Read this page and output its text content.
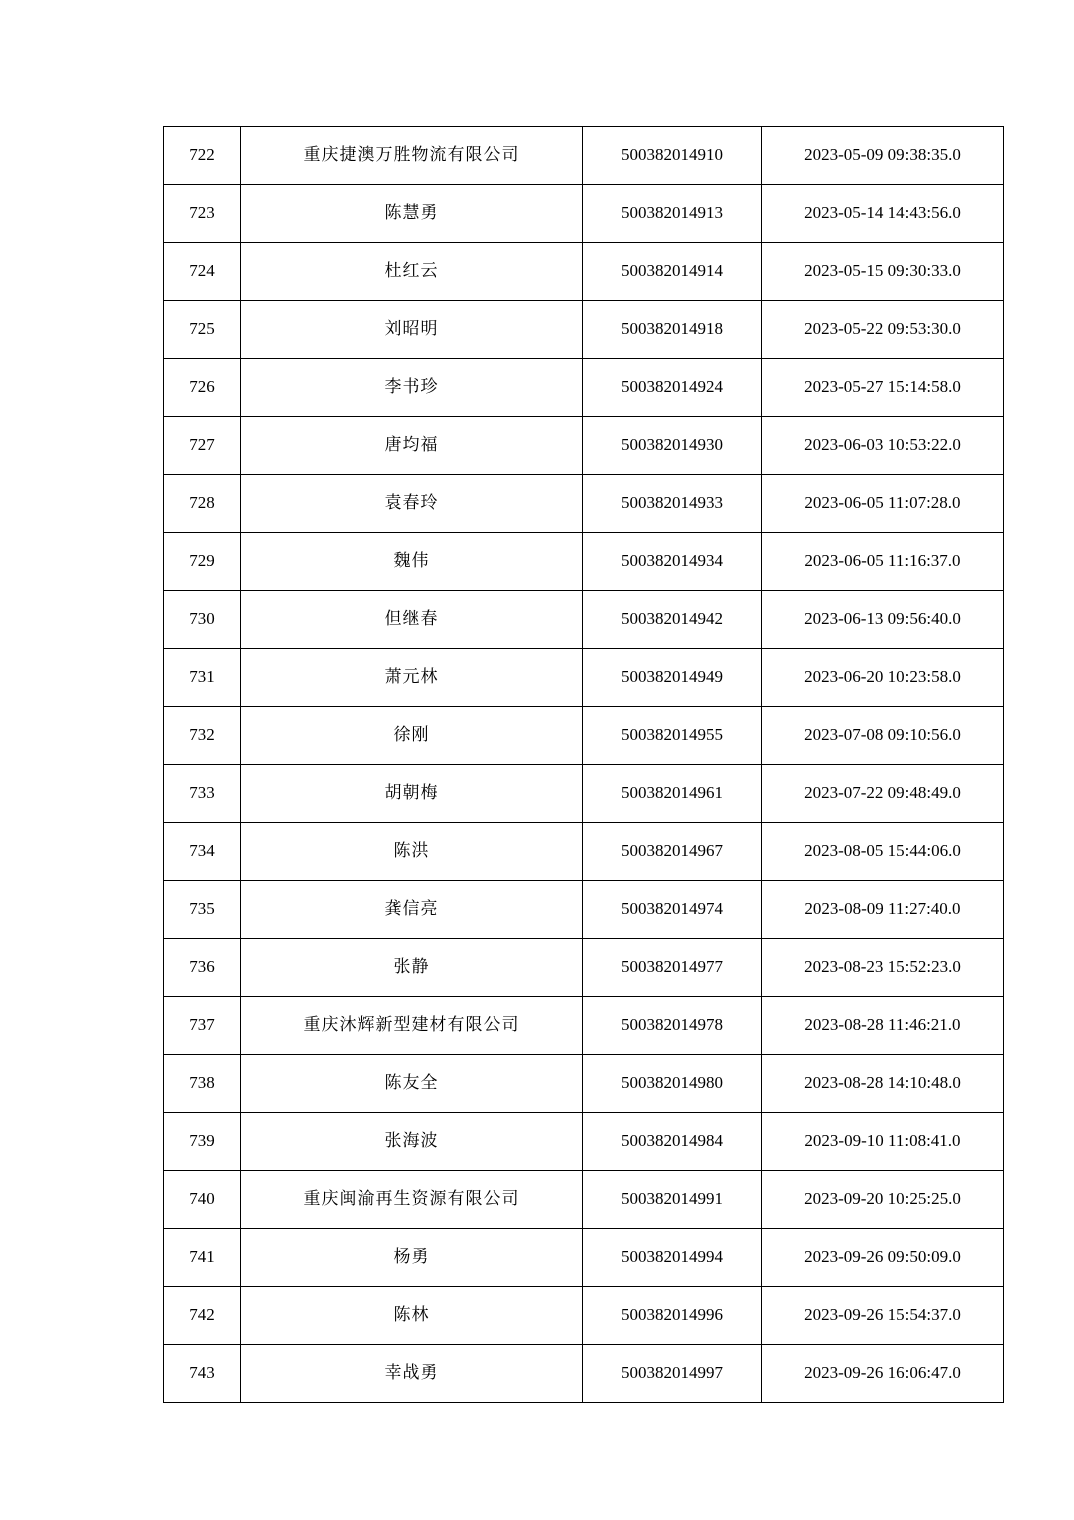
722	重庆捷澳万胜物流有限公司	500382014910	2023-05-09 09:38:35.0
723	陈慧勇	500382014913	2023-05-14 14:43:56.0
724	杜红云	500382014914	2023-05-15 09:30:33.0
725	刘昭明	500382014918	2023-05-22 09:53:30.0
726	李书珍	500382014924	2023-05-27 15:14:58.0
727	唐均福	500382014930	2023-06-03 10:53:22.0
728	袁春玲	500382014933	2023-06-05 11:07:28.0
729	魏伟	500382014934	2023-06-05 11:16:37.0
730	但继春	500382014942	2023-06-13 09:56:40.0
731	萧元林	500382014949	2023-06-20 10:23:58.0
732	徐刚	500382014955	2023-07-08 09:10:56.0
733	胡朝梅	500382014961	2023-07-22 09:48:49.0
734	陈洪	500382014967	2023-08-05 15:44:06.0
735	龚信亮	500382014974	2023-08-09 11:27:40.0
736	张静	500382014977	2023-08-23 15:52:23.0
737	重庆沐辉新型建材有限公司	500382014978	2023-08-28 11:46:21.0
738	陈友全	500382014980	2023-08-28 14:10:48.0
739	张海波	500382014984	2023-09-10 11:08:41.0
740	重庆闽渝再生资源有限公司	500382014991	2023-09-20 10:25:25.0
741	杨勇	500382014994	2023-09-26 09:50:09.0
742	陈林	500382014996	2023-09-26 15:54:37.0
743	幸战勇	500382014997	2023-09-26 16:06:47.0
